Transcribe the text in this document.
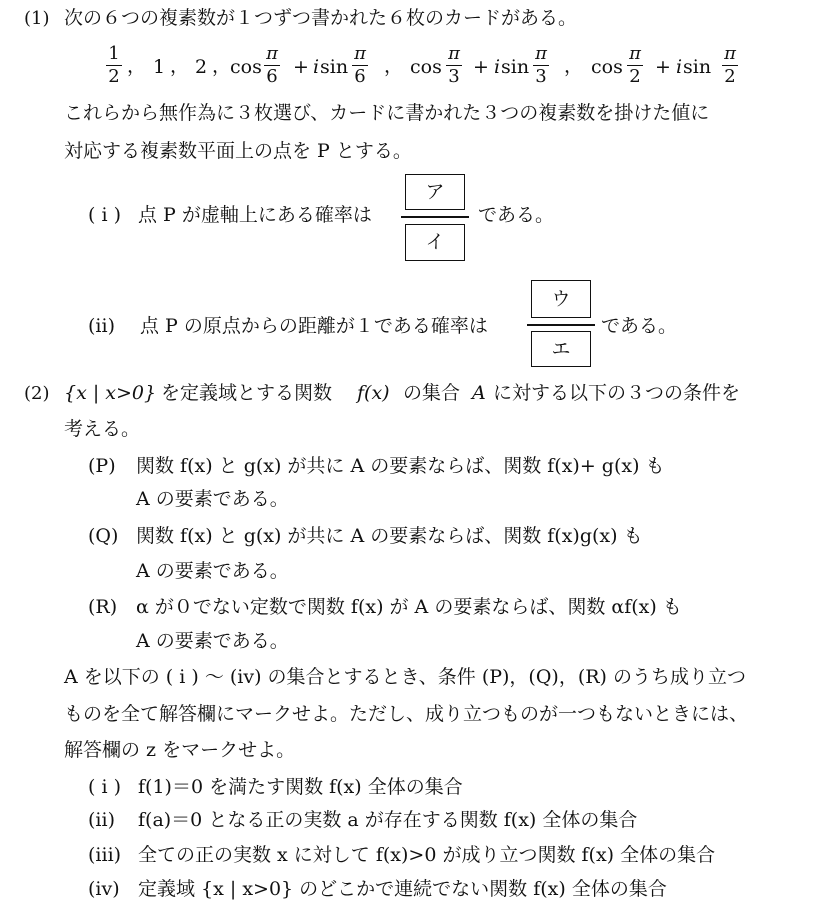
(1) 次の６つの複素数が１つずつ書かれた６枚のカードがある。
1
2 ， 1 ， 2 ，
cos
π
6 + i sin
π
6 ， cos
π
3 + i sin
π
3 ， cos
π
2 + i sin
π
2
これらから無作為に３枚選び、カードに書かれた３つの複素数を掛けた値に
対応する複素数平面上の点を P とする。
( i ) 点 P が虚軸上にある確率は
ア
イ
である。
(ii) 点 P の原点からの距離が１である確率は
ウ
エ
である。
(2) {x | x>0} を定義域とする関数 f(x) の集合 A に対する以下の３つの条件を
考える。
(P) 関数 f(x) と g(x) が共に A の要素ならば、関数 f(x)+ g(x) も
A の要素である。
(Q) 関数 f(x) と g(x) が共に A の要素ならば、関数 f(x)g(x) も
A の要素である。
(R) α が０でない定数で関数 f(x) が A の要素ならば、関数 αf(x) も
A の要素である。
A を以下の ( i ) ～ (iv) の集合とするとき、条件 (P)，(Q)，(R) のうち成り立つ
ものを全て解答欄にマークせよ。ただし、成り立つものが一つもないときには、
解答欄の z をマークせよ。
( i ) f(1)＝0 を満たす関数 f(x) 全体の集合
(ii) f(a)＝0 となる正の実数 a が存在する関数 f(x) 全体の集合
(iii) 全ての正の実数 x に対して f(x)>0 が成り立つ関数 f(x) 全体の集合
(iv) 定義域 {x | x>0} のどこかで連続でない関数 f(x) 全体の集合
